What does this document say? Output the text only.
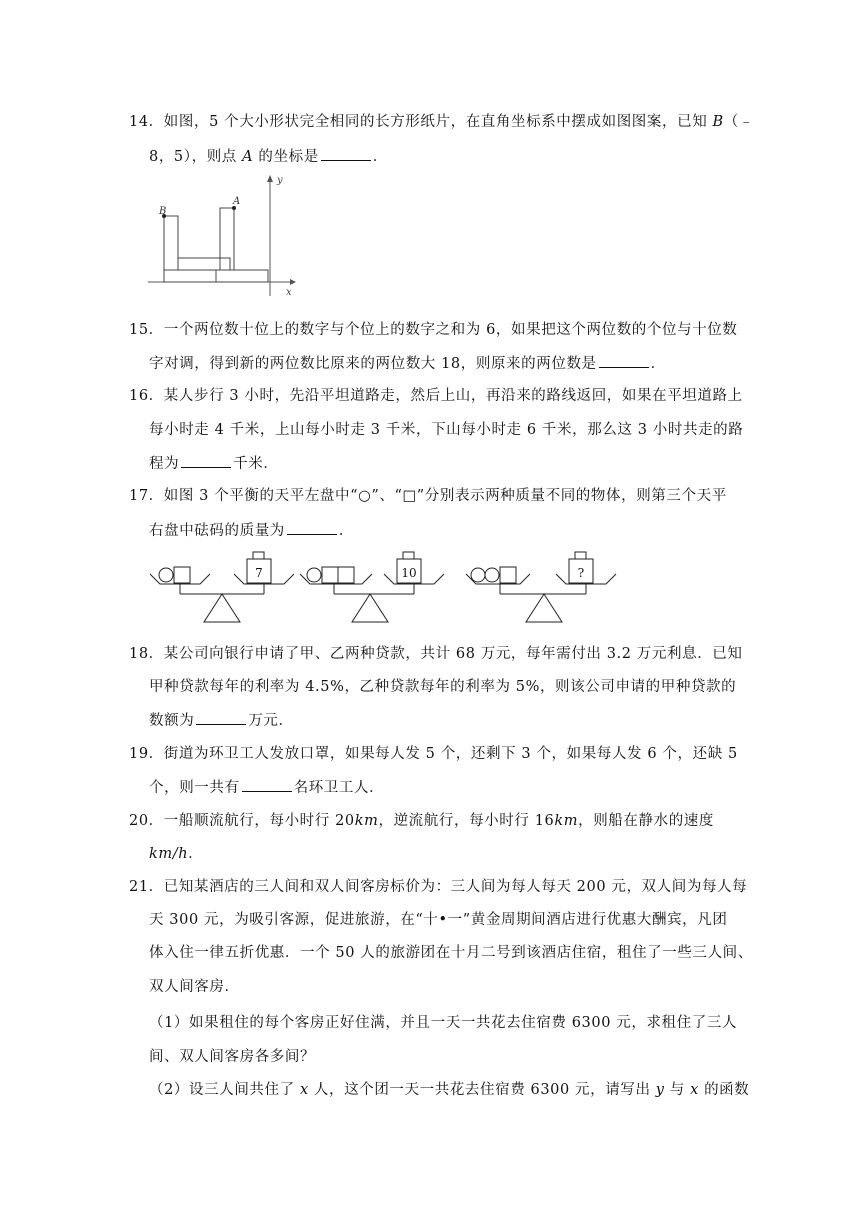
14．如图，5 个大小形状完全相同的长方形纸片，在直角坐标系中摆成如图图案，已知 B（﹣
8，5），则点 A 的坐标是	．
y
x
B
A
15．一个两位数十位上的数字与个位上的数字之和为 6，如果把这个两位数的个位与十位数
字对调，得到新的两位数比原来的两位数大 18，则原来的两位数是	．
16．某人步行 3 小时，先沿平坦道路走，然后上山，再沿来的路线返回，如果在平坦道路上
每小时走 4 千米，上山每小时走 3 千米，下山每小时走 6 千米，那么这 3 小时共走的路
程为	千米．
17．如图 3 个平衡的天平左盘中“○”、“□”分别表示两种质量不同的物体，则第三个天平
右盘中砝码的质量为	．
7	10	?
18．某公司向银行申请了甲、乙两种贷款，共计 68 万元，每年需付出 3.2 万元利息．已知
甲种贷款每年的利率为 4.5%，乙种贷款每年的利率为 5%，则该公司申请的甲种贷款的
数额为	万元．
19．街道为环卫工人发放口罩，如果每人发 5 个，还剩下 3 个，如果每人发 6 个，还缺 5
个，则一共有	名环卫工人．
20．一船顺流航行，每小时行 20km，逆流航行，每小时行 16km，则船在静水的速度
km/h．
21．已知某酒店的三人间和双人间客房标价为：三人间为每人每天 200 元，双人间为每人每
天 300 元，为吸引客源，促进旅游，在“十•一”黄金周期间酒店进行优惠大酬宾，凡团
体入住一律五折优惠．一个 50 人的旅游团在十月二号到该酒店住宿，租住了一些三人间、
双人间客房．
（1）如果租住的每个客房正好住满，并且一天一共花去住宿费 6300 元，求租住了三人
间、双人间客房各多间？
（2）设三人间共住了 x 人，这个团一天一共花去住宿费 6300 元，请写出 y 与 x 的函数
